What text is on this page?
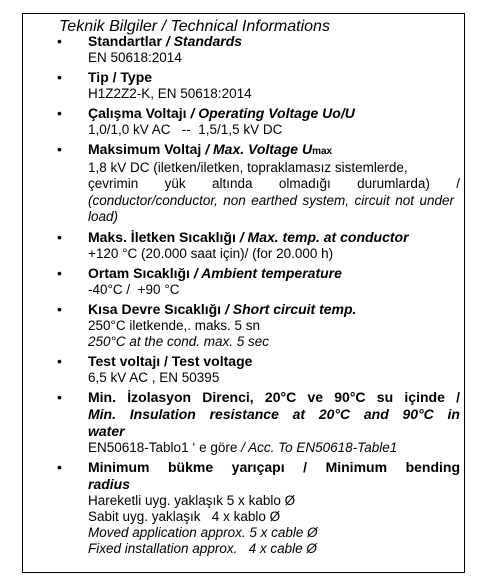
Teknik Bilgiler / Technical Informations
• Standartlar / Standards
EN 50618:2014
• Tip / Type
H1Z2Z2-K, EN 50618:2014
• Çalışma Voltajı / Operating Voltage Uo/U
1,0/1,0 kV AC   --  1,5/1,5 kV DC
• Maksimum Voltaj / Max. Voltage Umax
1,8 kV DC (iletken/iletken, topraklamasız sistemlerde,
çevrimin yük altında olmadığı durumlarda) /
(conductor/conductor, non earthed system, circuit not under load)
• Maks. İletken Sıcaklığı / Max. temp. at conductor
+120 °C (20.000 saat için)/ (for 20.000 h)
• Ortam Sıcaklığı / Ambient temperature
-40°C /  +90 °C
• Kısa Devre Sıcaklığı / Short circuit temp.
250°C iletkende,. maks. 5 sn
250°C at the cond. max. 5 sec
• Test voltajı / Test voltage
6,5 kV AC , EN 50395
• Min. İzolasyon Direnci, 20°C ve 90°C su içinde /
Min. Insulation resistance at 20°C and 90°C in
water
EN50618-Tablo1 ‘ e göre / Acc. To EN50618-Table1
• Minimum bükme yarıçapı / Minimum bending
radius
Hareketli uyg. yaklaşık 5 x kablo Ø
Sabit uyg. yaklaşık   4 x kablo Ø
Moved application approx. 5 x cable Ø
Fixed installation approx.   4 x cable Ø
